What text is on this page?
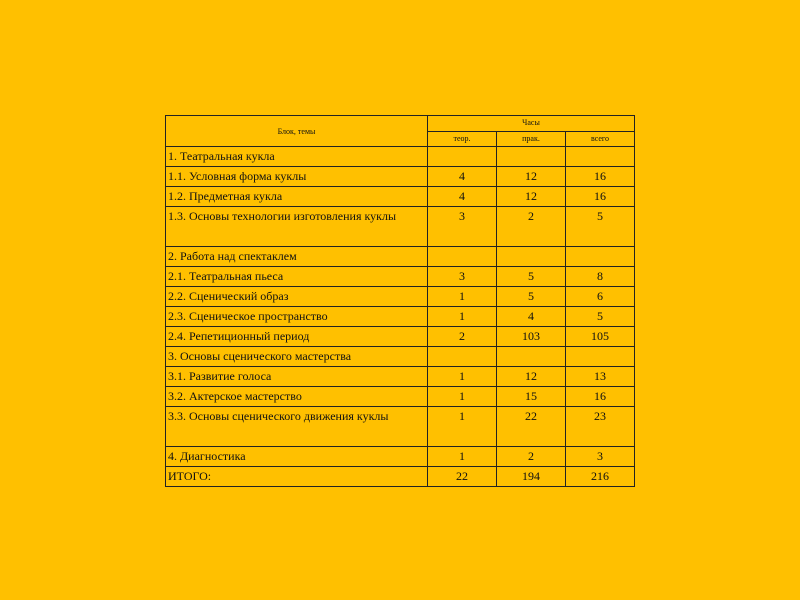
Блок, темы	Часы		
	теор.	прак.	всего
1. Театральная кукла			
1.1. Условная форма куклы	4	12	16
1.2. Предметная кукла	4	12	16
1.3. Основы технологии изготовления куклы	3	2	5
2. Работа над спектаклем			
2.1. Театральная пьеса	3	5	8
2.2. Сценический образ	1	5	6
2.3. Сценическое пространство	1	4	5
2.4. Репетиционный период	2	103	105
3. Основы сценического мастерства			
3.1. Развитие голоса	1	12	13
3.2. Актерское мастерство	1	15	16
3.3. Основы сценического движения куклы	1	22	23
4. Диагностика	1	2	3
ИТОГО:	22	194	216
